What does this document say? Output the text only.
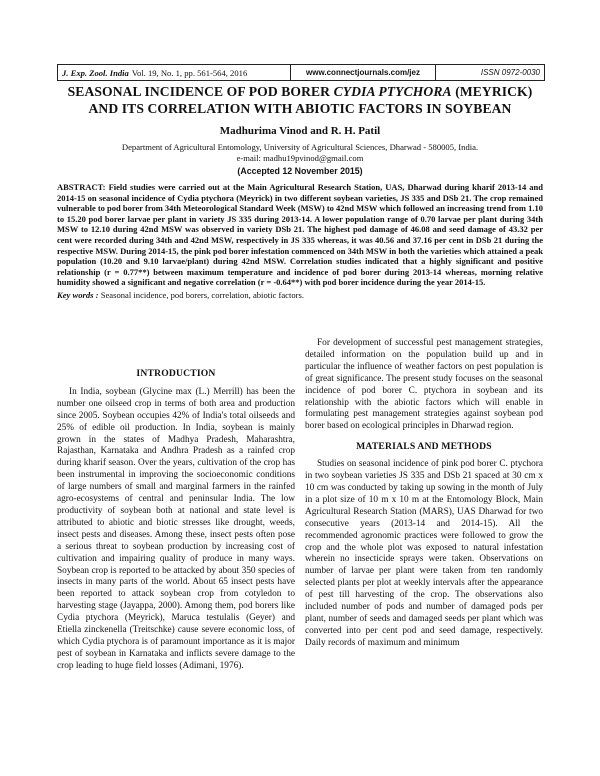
J. Exp. Zool. India Vol. 19, No. 1, pp. 561-564, 2016	www.connectjournals.com/jez	ISSN 0972-0030
SEASONAL INCIDENCE OF POD BORER CYDIA PTYCHORA (MEYRICK)
AND ITS CORRELATION WITH ABIOTIC FACTORS IN SOYBEAN
Madhurima Vinod and R. H. Patil
Department of Agricultural Entomology, University of Agricultural Sciences, Dharwad - 580005, India.
e-mail: madhu19pvinod@gmail.com
(Accepted 12 November 2015)
ABSTRACT: Field studies were carried out at the Main Agricultural Research Station, UAS, Dharwad during kharif 2013-14 and 2014-15 on seasonal incidence of Cydia ptychora (Meyrick) in two different soybean varieties, JS 335 and DSb 21. The crop remained vulnerable to pod borer from 34th Meteorological Standard Week (MSW) to 42nd MSW which followed an increasing trend from 1.10 to 15.20 pod borer larvae per plant in variety JS 335 during 2013-14. A lower population range of 0.70 larvae per plant during 34th MSW to 12.10 during 42nd MSW was observed in variety DSb 21. The highest pod damage of 46.08 and seed damage of 43.32 per cent were recorded during 34th and 42nd MSW, respectively in JS 335 whereas, it was 40.56 and 37.16 per cent in DSb 21 during the respective MSW. During 2014-15, the pink pod borer infestation commenced on 34th MSW in both the varieties which attained a peak population (10.20 and 9.10 larvae/plant) during 42nd MSW. Correlation studies indicated that a highly significant and positive relationship (r = 0.77**) between maximum temperature and incidence of pod borer during 2013-14 whereas, morning relative humidity showed a significant and negative correlation (r = -0.64**) with pod borer incidence during the year 2014-15.
Key words : Seasonal incidence, pod borers, correlation, abiotic factors.
INTRODUCTION

In India, soybean (Glycine max (L.) Merrill) has been the number one oilseed crop in terms of both area and production since 2005. Soybean occupies 42% of India's total oilseeds and 25% of edible oil production. In India, soybean is mainly grown in the states of Madhya Pradesh, Maharashtra, Rajasthan, Karnataka and Andhra Pradesh as a rainfed crop during kharif season. Over the years, cultivation of the crop has been instrumental in improving the socioeconomic conditions of large numbers of small and marginal farmers in the rainfed agro-ecosystems of central and peninsular India. The low productivity of soybean both at national and state level is attributed to abiotic and biotic stresses like drought, weeds, insect pests and diseases. Among these, insect pests often pose a serious threat to soybean production by increasing cost of cultivation and impairing quality of produce in many ways. Soybean crop is reported to be attacked by about 350 species of insects in many parts of the world. About 65 insect pests have been reported to attack soybean crop from cotyledon to harvesting stage (Jayappa, 2000). Among them, pod borers like Cydia ptychora (Meyrick), Maruca testulalis (Geyer) and Etiella zinckenella (Treitschke) cause severe economic loss, of which Cydia ptychora is of paramount importance as it is major pest of soybean in Karnataka and inflicts severe damage to the crop leading to huge field losses (Adimani, 1976).

For development of successful pest management strategies, detailed information on the population build up and in particular the influence of weather factors on pest population is of great significance. The present study focuses on the seasonal incidence of pod borer C. ptychora in soybean and its relationship with the abiotic factors which will enable in formulating pest management strategies against soybean pod borer based on ecological principles in Dharwad region.

MATERIALS AND METHODS

Studies on seasonal incidence of pink pod borer C. ptychora in two soybean varieties JS 335 and DSb 21 spaced at 30 cm x 10 cm was conducted by taking up sowing in the month of July in a plot size of 10 m x 10 m at the Entomology Block, Main Agricultural Research Station (MARS), UAS Dharwad for two consecutive years (2013-14 and 2014-15). All the recommended agronomic practices were followed to grow the crop and the whole plot was exposed to natural infestation wherein no insecticide sprays were taken. Observations on number of larvae per plant were taken from ten randomly selected plants per plot at weekly intervals after the appearance of pest till harvesting of the crop. The observations also included number of pods and number of damaged pods per plant, number of seeds and damaged seeds per plant which was converted into per cent pod and seed damage, respectively. Daily records of maximum and minimum
